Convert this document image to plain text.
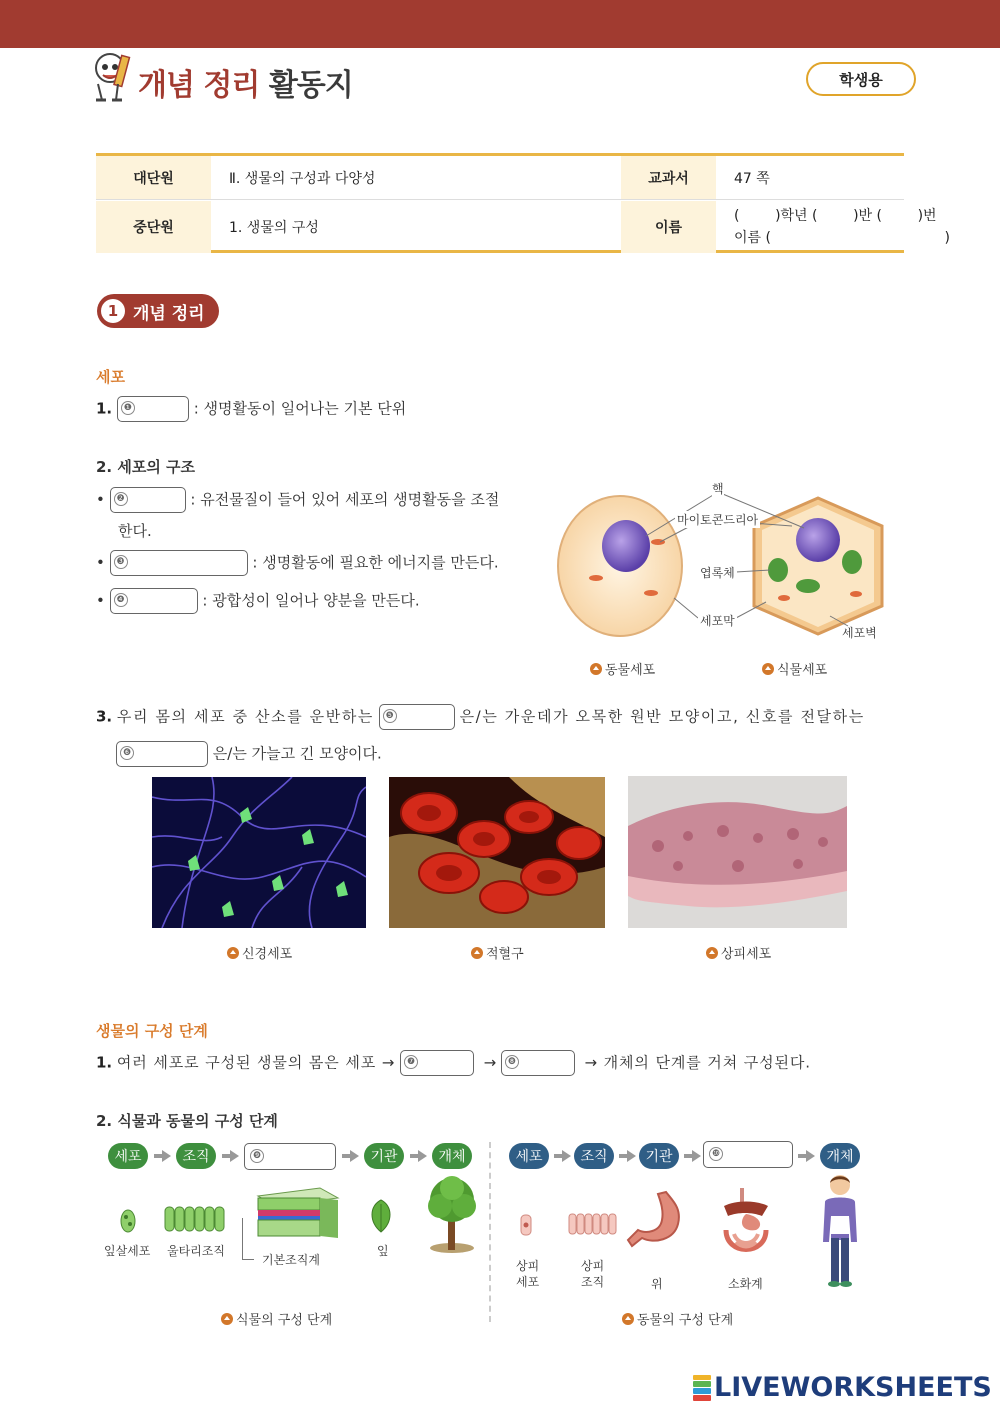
개념 정리 활동지	학생용
대단원	Ⅱ. 생물의 구성과 다양성	교과서	47 쪽
중단원	1. 생물의 구성	이름
(        )학년 (        )반 (        )번
이름 (                                       )
1 개념 정리
세포
1.	❶	: 생명활동이 일어나는 기본 단위
2. 세포의 구조
• ❷	: 유전물질이 들어 있어 세포의 생명활동을 조절
한다.
• ❸	: 생명활동에 필요한 에너지를 만든다.
• ❹	: 광합성이 일어나 양분을 만든다.
핵
마이토콘드리아
엽록체
세포막
세포벽
동물세포	식물세포
3. 우리 몸의 세포 중 산소를 운반하는	❺	은/는 가운데가 오목한 원반 모양이고, 신호를 전달하는
❻	은/는 가늘고 긴 모양이다.
신경세포	적혈구	상피세포
생물의 구성 단계
1. 여러 세포로 구성된 생물의 몸은 세포 →	❼	→	❽	→ 개체의 단계를 거쳐 구성된다.
2. 식물과 동물의 구성 단계
세포	조직	❾	기관	개체
잎살세포 울타리조직
기본조직계
잎
세포	조직	기관	❿	개체
상피
세포
상피
조직	위	소화계
식물의 구성 단계	동물의 구성 단계
LIVEWORKSHEETS
